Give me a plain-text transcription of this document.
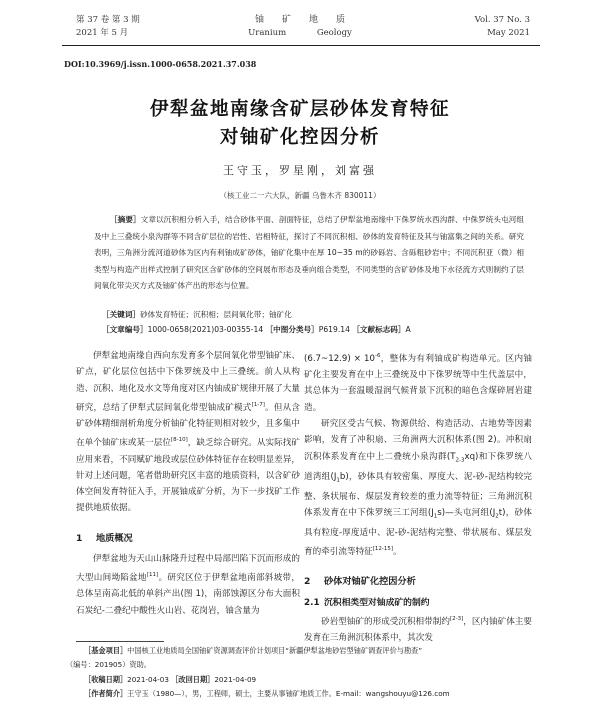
第 37 卷 第 3 期
2021 年 5 月
铀矿地质
Uranium	Geology
Vol. 37 No. 3
May 2021
DOI:10.3969/j.issn.1000-0658.2021.37.038
伊犁盆地南缘含矿层砂体发育特征
对铀矿化控因分析
王守玉，罗星刚，刘富强
（核工业二一六大队，新疆 乌鲁木齐 830011）

［摘要］文章以沉积相分析入手，结合砂体平面、剖面特征，总结了伊犁盆地南缘中下侏罗统水西沟群、中侏罗统头屯河组及中上三叠统小泉沟群等不同含矿层位的岩性、岩相特征，探讨了不同沉积相、砂体的发育特征及其与铀富集之间的关系。研究表明，三角洲分流河道砂体为区内有利铀成矿砂体，铀矿化集中在厚 10~35 m的砂砾岩、含砾粗砂岩中；不同沉积亚（微）相类型与构造产出样式控制了研究区含矿砂体的空间展布形态及垂向组合类型，不同类型的含矿砂体及地下水径流方式则制约了层间氧化带尖灭方式及铀矿体产出的形态与位置。

［关键词］砂体发育特征；沉积相；层间氧化带；铀矿化
［文章编号］1000-0658(2021)03-00355-14 ［中图分类号］P619.14 ［文献标志码］A

伊犁盆地南缘自西向东发育多个层间氧化带型铀矿床、矿点，矿化层位包括中下侏罗统及中上三叠统。前人从构造、沉积、地化及水文等角度对区内铀成矿规律开展了大量研究，总结了伊犁式层间氧化带型铀成矿模式[1-7]。但从含矿砂体精细剖析角度分析铀矿化特征则相对较少，且多集中在单个铀矿床或某一层位[8-10]，缺乏综合研究。从实际找矿应用来看，不同赋矿地段或层位砂体特征存在较明显差异，针对上述问题，笔者借助研究区丰富的地质资料，以含矿砂体空间发育特征入手，开展铀成矿分析，为下一步找矿工作提供地质依据。

1 地质概况

伊犁盆地为天山山脉隆升过程中局部凹陷下沉而形成的大型山间坳陷盆地[11]。研究区位于伊犁盆地南部斜坡带，总体呈南高北低的单斜产出(图 1)，南部蚀源区分布大面积石炭纪-二叠纪中酸性火山岩、花岗岩，铀含量为

(6.7~12.9) × $10^{-6}$，整体为有利铀成矿构造单元。区内铀矿化主要发育在中上三叠统及中下侏罗统等中生代盖层中，其总体为一套温暖湿润气候背景下沉积的暗色含煤碎屑岩建造。

研究区受古气候、物源供给、构造活动、古地势等因素影响，发育了冲积扇、三角洲两大沉积体系(图 2)。冲积扇沉积体系发育在中上二叠统小泉沟群$(T_{2-3}xq)$和下侏罗统八道湾组$(J_1b)$，砂体具有较密集、厚度大、泥-砂-泥结构较完整、条状展布、煤层发育较差的重力流等特征；三角洲沉积体系发育在中下侏罗统三工河组$(J_1s)—$头屯河组$(J_2t)$，砂体具有粒度-厚度适中、泥-砂-泥结构完整、带状展布、煤层发育的牵引流等特征[12-15]。

2 砂体对铀矿化控因分析
2.1 沉积相类型对铀成矿的制约

砂岩型铀矿的形成受沉积相带制约[2-3]，区内铀矿体主要发育在三角洲沉积体系中，其次发

［基金项目］中国核工业地质局全国铀矿资源调查评价计划项目“新疆伊犁盆地砂岩型铀矿调查评价与勘查”
（编号：201905）资助。
［收稿日期］2021-04-03 ［改回日期］2021-04-09
［作者简介］王守玉（1980—），男，工程师，硕士，主要从事铀矿地质工作。E-mail：wangshouyu@126.com
